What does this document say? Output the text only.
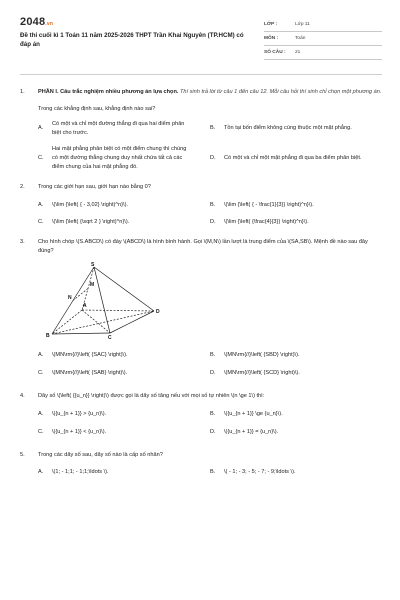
2048.vn
Đề thi cuối kì 1 Toán 11 năm 2025-2026 THPT Trần Khai Nguyên (TP.HCM) có đáp án
LỚP :	Lớp 11
MÔN :	Toán
SỐ CÂU :	21
1. PHẦN I. Câu trắc nghiệm nhiều phương án lựa chọn. Thí sinh trả lời từ câu 1 đến câu 12. Mỗi câu hỏi thí sinh chỉ chọn một phương án.
Trong các khẳng định sau, khẳng định nào sai?
A.
Có một và chỉ một đường thẳng đi qua hai điểm phân biệt cho trước.
B.	Tồn tại bốn điểm không cùng thuộc một mặt phẳng.
C.
Hai mặt phẳng phân biệt có một điểm chung thì chúng có một đường thẳng chung duy nhất chứa tất cả các điểm chung của hai mặt phẳng đó.
D.	Có một và chỉ một mặt phẳng đi qua ba điểm phân biệt.
2. Trong các giới hạn sau, giới hạn nào bằng 0?
A.	\(\lim {\left( { - 3,02} \right)^n}\).	B.	\(\lim {\left( { - \frac{1}{3}} \right)^n}\).
C.	\(\lim {\left( {\sqrt 2 } \right)^n}\).	D.	\(\lim {\left( {\frac{4}{3}} \right)^n}\).
3. Cho hình chóp \(S.ABCD\) có đáy \(ABCD\) là hình bình hành. Gọi \(M,N\) lần lượt là trung điểm của \(SA,SB\). Mệnh đề nào sau đây đúng?
S
A
B	C
D
M
N
A.	\(MN\rm{//}\left( {SAC} \right)\).	B.	\(MN\rm{//}\left( {SBD} \right)\).
C.	\(MN\rm{//}\left( {SAB} \right)\).	D.	\(MN\rm{//}\left( {SCD} \right)\).
4. Dãy số \(\left( {{u_n}} \right)\) được gọi là dãy số tăng nếu với mọi số tự nhiên \(n \ge 1\) thì:
A.	\({u_{n + 1}} > {u_n}\).	B.	\({u_{n + 1}} \ge {u_n}\).
C.	\({u_{n + 1}} < {u_n}\).	D.	\({u_{n + 1}} = {u_n}\).
5. Trong các dãy số sau, dãy số nào là cấp số nhân?
A.	\(1; - 1;1; - 1;1;\ldots \).	B.	\( - 1; - 3; - 5; - 7; - 9;\ldots \).
